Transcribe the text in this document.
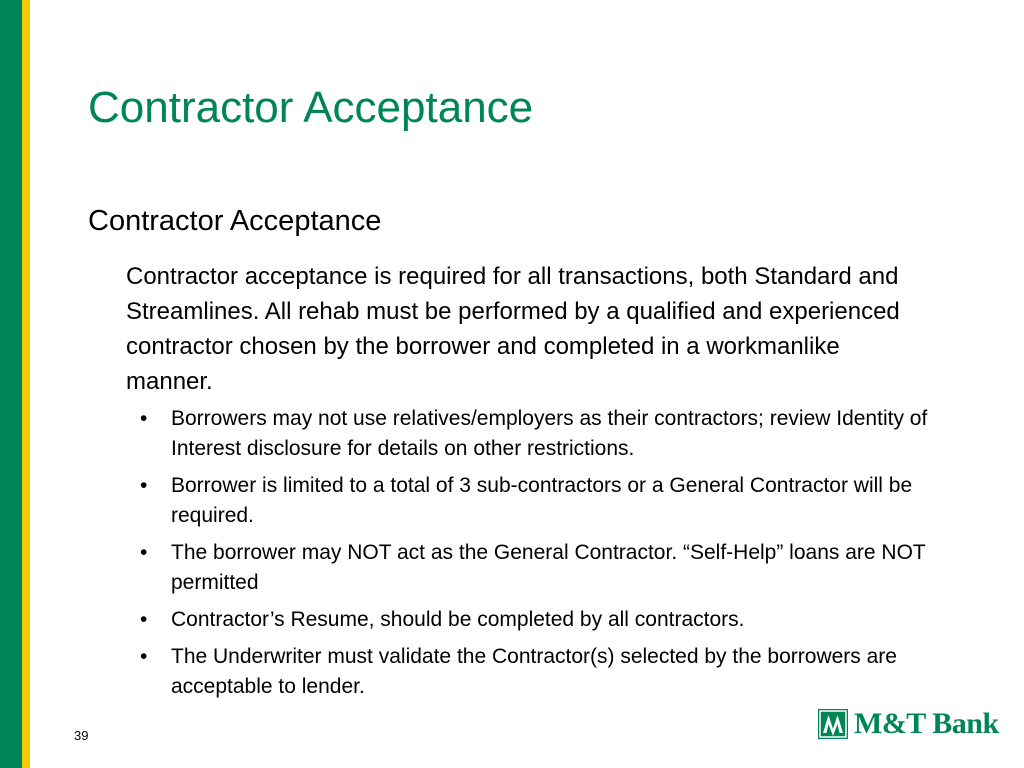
Contractor Acceptance
Contractor Acceptance

Contractor acceptance is required for all transactions, both Standard and Streamlines. All rehab must be performed by a qualified and experienced contractor chosen by the borrower and completed in a workmanlike manner.

• Borrowers may not use relatives/employers as their contractors; review Identity of Interest disclosure for details on other restrictions.
• Borrower is limited to a total of 3 sub-contractors or a General Contractor will be required.
• The borrower may NOT act as the General Contractor. “Self-Help” loans are NOT permitted
• Contractor’s Resume, should be completed by all contractors.
• The Underwriter must validate the Contractor(s) selected by the borrowers are acceptable to lender.
39	M&T Bank
